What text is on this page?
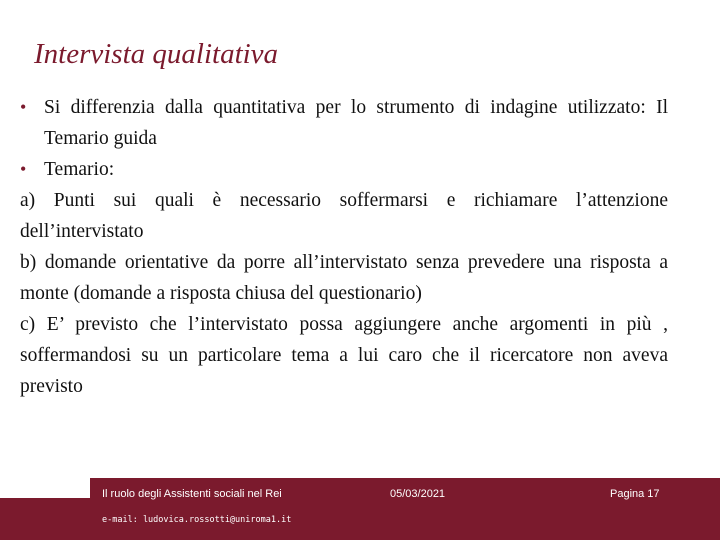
Intervista qualitativa
• Si differenzia dalla quantitativa per lo strumento di indagine utilizzato: Il Temario guida
• Temario:
a) Punti sui quali è necessario soffermarsi e richiamare l’attenzione dell’intervistato
b) domande orientative da porre all’intervistato senza prevedere una risposta a monte (domande a risposta chiusa del questionario)
c) E’ previsto che l’intervistato possa aggiungere anche argomenti in più , soffermandosi su un particolare tema a lui caro che il ricercatore non aveva previsto
Il ruolo degli Assistenti sociali nel Rei
e-mail: ludovica.rossotti@uniroma1.it
05/03/2021	Pagina 17
